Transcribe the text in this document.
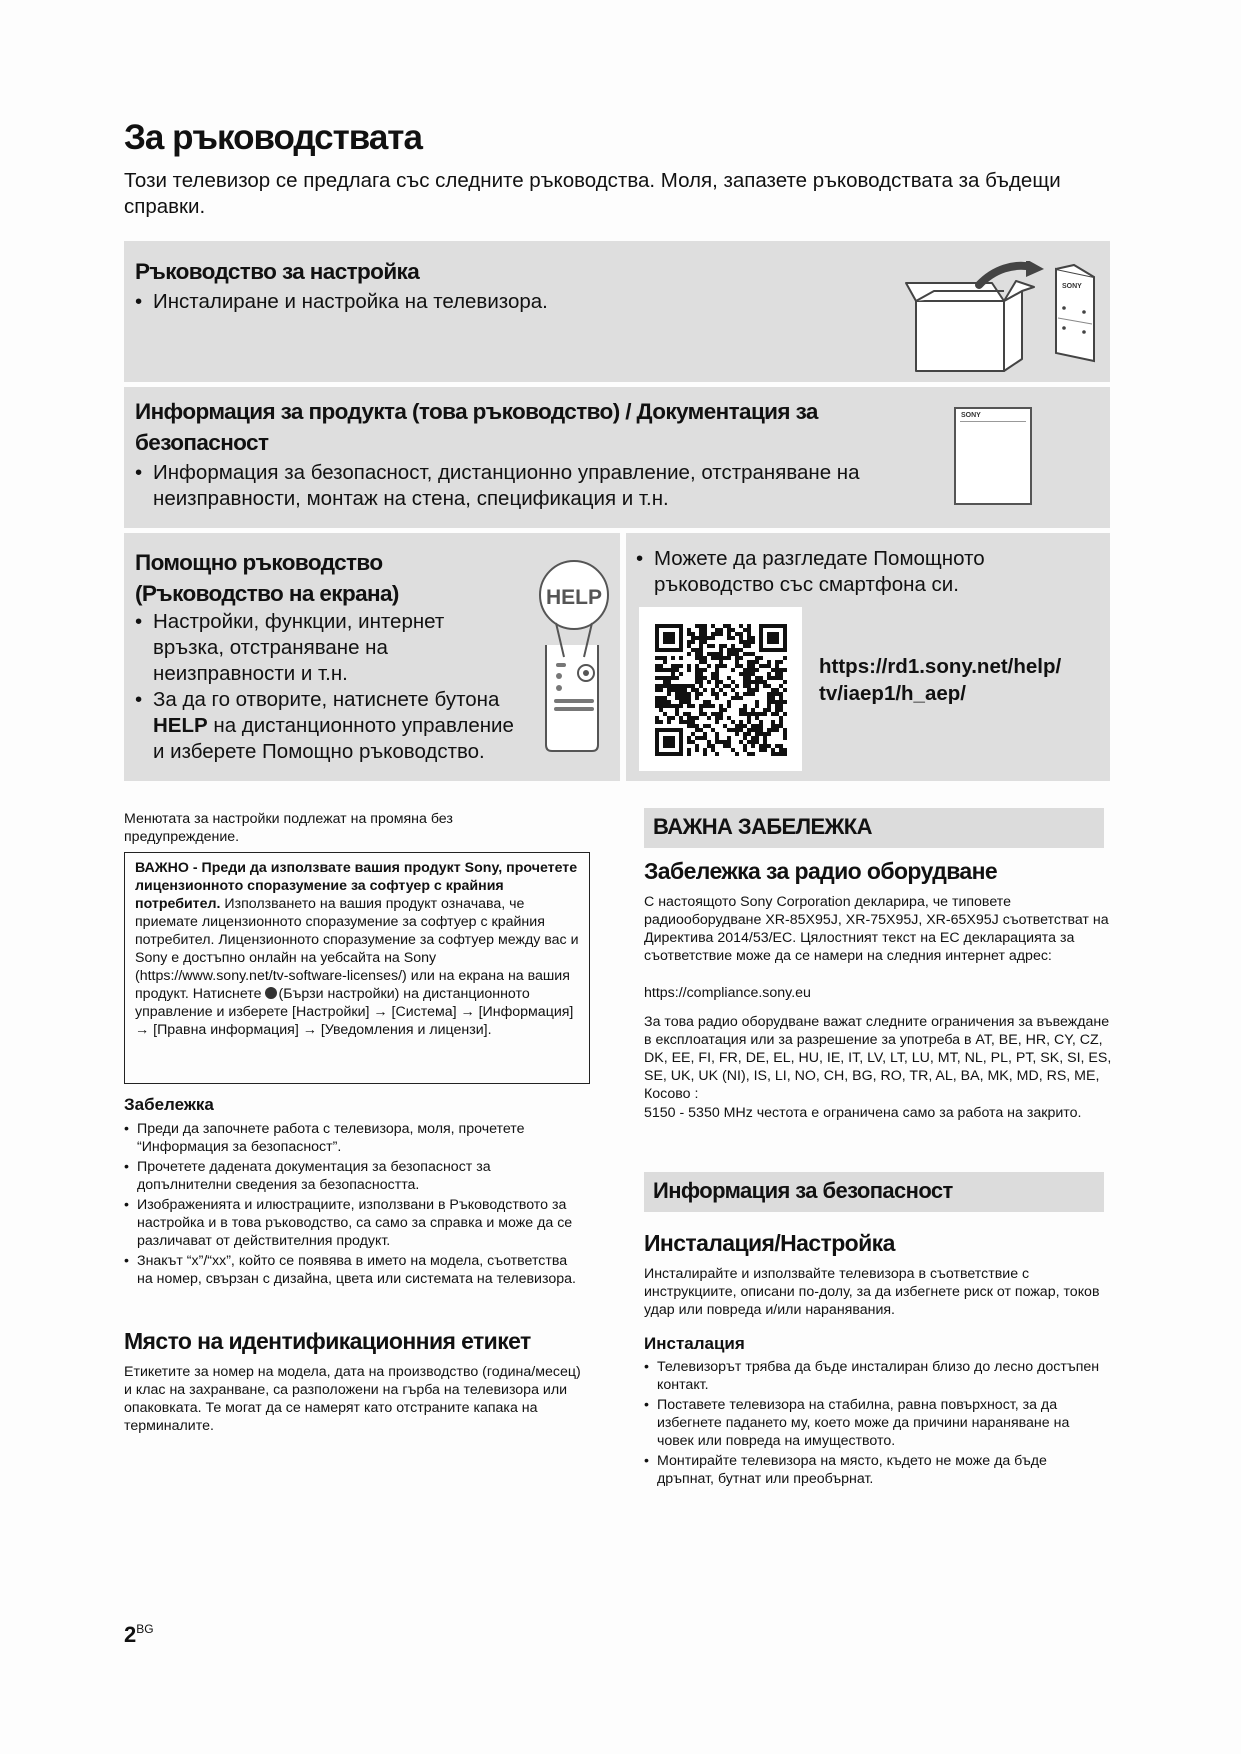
За ръководствата

Този телевизор се предлага със следните ръководства. Моля, запазете ръководствата за бъдещи справки.

Ръководство за настройка
• Инсталиране и настройка на телевизора.
SONY
Информация за продукта (това ръководство) / Документация за безопасност
• Информация за безопасност, дистанционно управление, отстраняване на неизправности, монтаж на стена, спецификация и т.н.
SONY
Помощно ръководство (Ръководство на екрана)
• Настройки, функции, интернет връзка, отстраняване на неизправности и т.н.
• За да го отворите, натиснете бутона HELP на дистанционното управление и изберете Помощно ръководство.
HELP
• Можете да разгледате Помощното ръководство със смартфона си.
https://rd1.sony.net/help/
tv/iaep1/h_aep/

Менютата за настройки подлежат на промяна без предупреждение.

ВАЖНО - Преди да използвате вашия продукт Sony, прочетете лицензионното споразумение за софтуер с крайния потребител. Използването на вашия продукт означава, че приемате лицензионното споразумение за софтуер с крайния потребител. Лицензионното споразумение за софтуер между вас и Sony е достъпно онлайн на уебсайта на Sony (https://www.sony.net/tv-software-licenses/) или на екрана на вашия продукт. Натиснете (Бързи настройки) на дистанционното управление и изберете [Настройки] → [Система] → [Информация] → [Правна информация] → [Уведомления и лицензи].

Забележка
• Преди да започнете работа с телевизора, моля, прочетете “Информация за безопасност”.
• Прочетете дадената документация за безопасност за допълнителни сведения за безопасността.
• Изображенията и илюстрациите, използвани в Ръководството за настройка и в това ръководство, са само за справка и може да се различават от действителния продукт.
• Знакът “x”/“xx”, който се появява в името на модела, съответства на номер, свързан с дизайна, цвета или системата на телевизора.
Място на идентификационния етикет

Етикетите за номер на модела, дата на производство (година/месец) и клас на захранване, са разположени на гърба на телевизора или опаковката. Те могат да се намерят като отстраните капака на терминалите.

ВАЖНА ЗАБЕЛЕЖКА
Забележка за радио оборудване

С настоящото Sony Corporation декларира, че типовете радиооборудване XR-85X95J, XR-75X95J, XR-65X95J съответстват на Директива 2014/53/ЕС. Цялостният текст на ЕС декларацията за съответствие може да се намери на следния интернет адрес:

https://compliance.sony.eu

За това радио оборудване важат следните ограничения за въвеждане в експлоатация или за разрешение за употреба в AT, BE, HR, CY, CZ, DK, EE, FI, FR, DE, EL, HU, IE, IT, LV, LT, LU, MT, NL, PL, PT, SK, SI, ES, SE, UK, UK (NI), IS, LI, NO, CH, BG, RO, TR, AL, BA, MK, MD, RS, ME, Косово :

5150 - 5350 MHz честота е ограничена само за работа на закрито.

Информация за безопасност
Инсталация/Настройка

Инсталирайте и използвайте телевизора в съответствие с инструкциите, описани по-долу, за да избегнете риск от пожар, токов удар или повреда и/или наранявания.

Инсталация
• Телевизорът трябва да бъде инсталиран близо до лесно достъпен контакт.
• Поставете телевизора на стабилна, равна повърхност, за да избегнете падането му, което може да причини нараняване на човек или повреда на имуществото.
• Монтирайте телевизора на място, където не може да бъде дръпнат, бутнат или преобърнат.
$2^{BG}$
